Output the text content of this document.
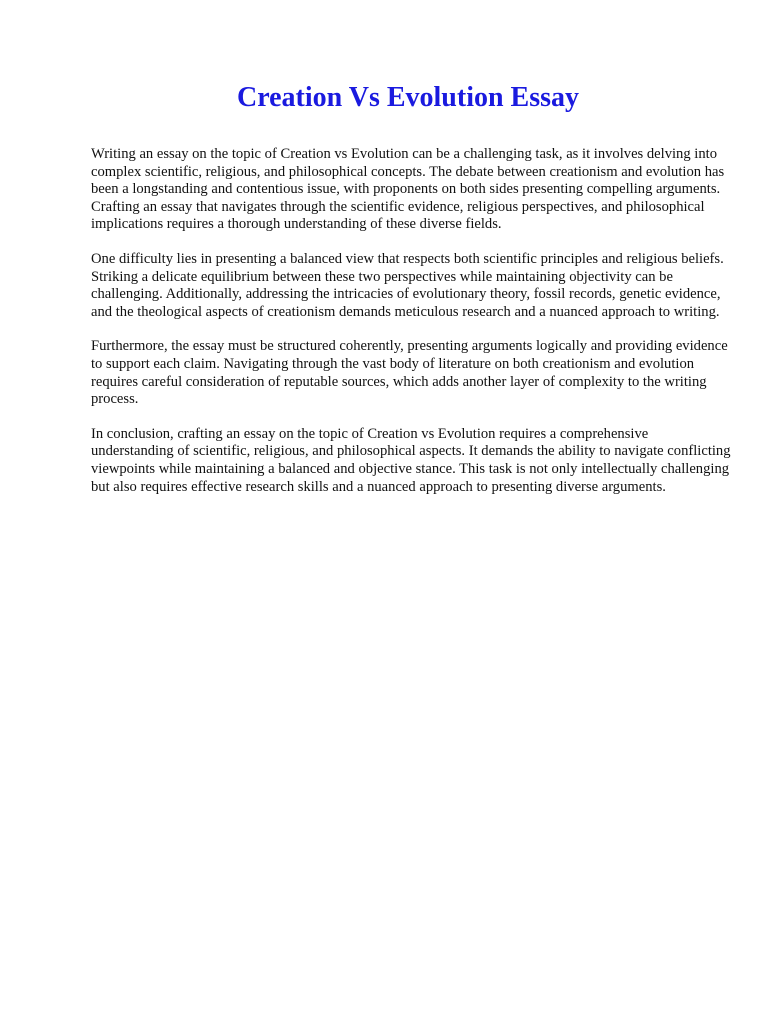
Creation Vs Evolution Essay

Writing an essay on the topic of Creation vs Evolution can be a challenging task, as it involves delving into complex scientific, religious, and philosophical concepts. The debate between creationism and evolution has been a longstanding and contentious issue, with proponents on both sides presenting compelling arguments. Crafting an essay that navigates through the scientific evidence, religious perspectives, and philosophical implications requires a thorough understanding of these diverse fields.

One difficulty lies in presenting a balanced view that respects both scientific principles and religious beliefs. Striking a delicate equilibrium between these two perspectives while maintaining objectivity can be challenging. Additionally, addressing the intricacies of evolutionary theory, fossil records, genetic evidence, and the theological aspects of creationism demands meticulous research and a nuanced approach to writing.

Furthermore, the essay must be structured coherently, presenting arguments logically and providing evidence to support each claim. Navigating through the vast body of literature on both creationism and evolution requires careful consideration of reputable sources, which adds another layer of complexity to the writing process.

In conclusion, crafting an essay on the topic of Creation vs Evolution requires a comprehensive understanding of scientific, religious, and philosophical aspects. It demands the ability to navigate conflicting viewpoints while maintaining a balanced and objective stance. This task is not only intellectually challenging but also requires effective research skills and a nuanced approach to presenting diverse arguments.
